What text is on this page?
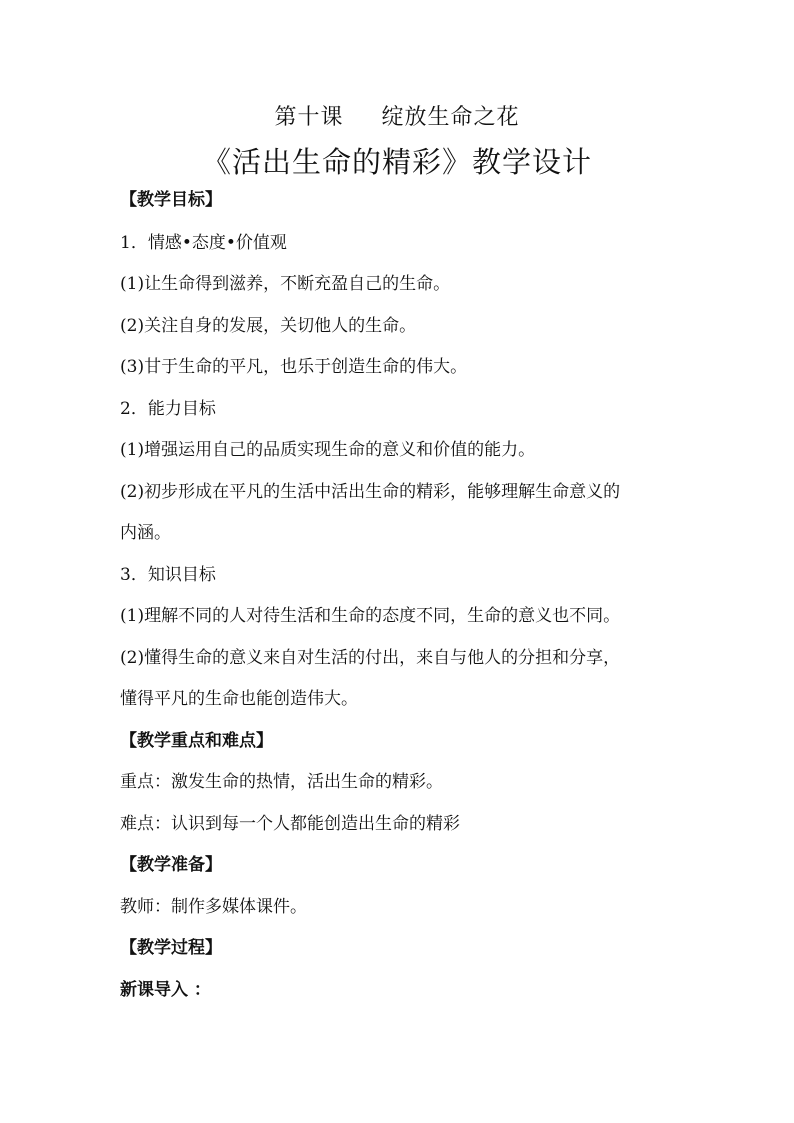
第十课 绽放生命之花
《活出生命的精彩》教学设计
【教学目标】
1．情感•态度•价值观
(1)让生命得到滋养，不断充盈自己的生命。
(2)关注自身的发展，关切他人的生命。
(3)甘于生命的平凡，也乐于创造生命的伟大。
2．能力目标
(1)增强运用自己的品质实现生命的意义和价值的能力。
(2)初步形成在平凡的生活中活出生命的精彩，能够理解生命意义的
内涵。
3．知识目标
(1)理解不同的人对待生活和生命的态度不同，生命的意义也不同。
(2)懂得生命的意义来自对生活的付出，来自与他人的分担和分享，
懂得平凡的生命也能创造伟大。
【教学重点和难点】
重点：激发生命的热情，活出生命的精彩。
难点：认识到每一个人都能创造出生命的精彩
【教学准备】
教师：制作多媒体课件。
【教学过程】
新课导入 ：
